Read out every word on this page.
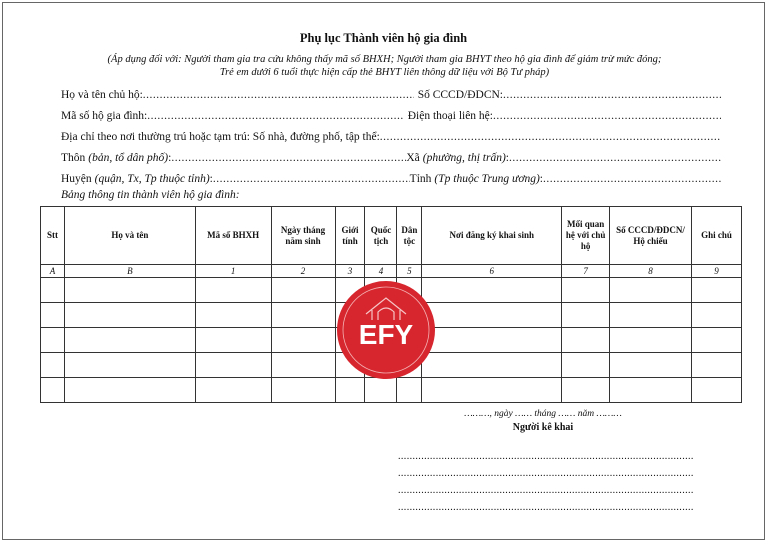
Phụ lục Thành viên hộ gia đình
(Áp dụng đối với: Người tham gia tra cứu không thấy mã số BHXH; Người tham gia BHYT theo hộ gia đình để giảm trừ mức đóng;
Trẻ em dưới 6 tuổi thực hiện cấp thẻ BHYT liên thông dữ liệu với Bộ Tư pháp)
Họ và tên chủ hộ: .....	Số CCCD/ĐDCN:
.....
Mã số hộ gia đình: .....	Điện thoại liên hệ:
.....
Địa chỉ theo nơi thường trú hoặc tạm trú: Số nhà, đường phố, tập thể:
.....
Thôn (bản, tổ dân phố) : .....	Xã (phường, thị trấn) :
.....
Huyện (quận, Tx, Tp thuộc tỉnh) : .....	Tỉnh (Tp thuộc Trung ương) :
.....
Bảng thông tin thành viên hộ gia đình:
Stt	Họ và tên	Mã số BHXH	Ngày tháng năm sinh	Giới tính	Quốc tịch	Dân tộc	Nơi đăng ký khai sinh	Mối quan hệ với chủ hộ	Số CCCD/ĐDCN/ Hộ chiếu	Ghi chú
A	B	1	2	3	4	5	6	7	8	9

EFY
………, ngày …… tháng …… năm ………
Người kê khai
.....
.....
.....
.....
